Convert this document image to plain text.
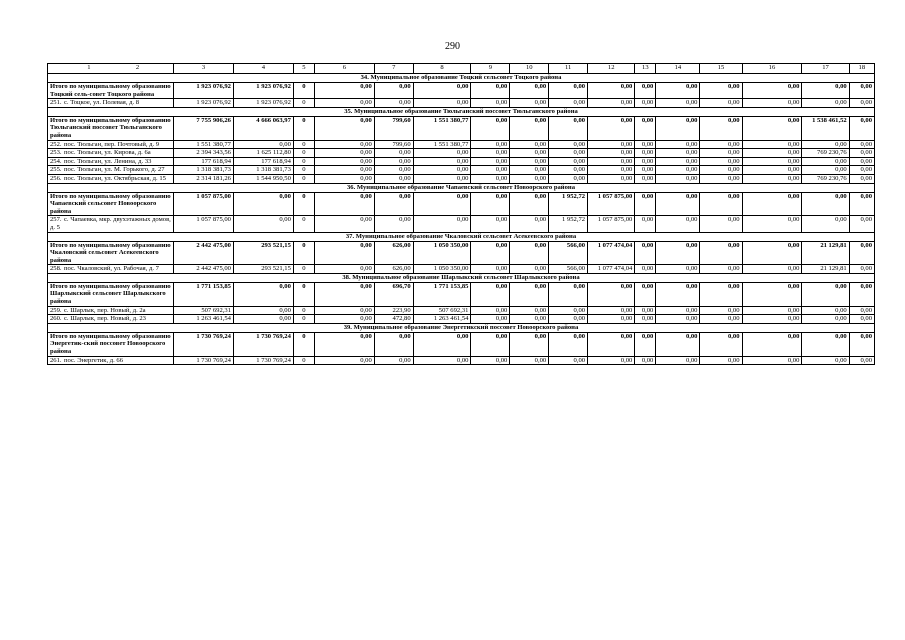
290
1 2	3	4	5	6	7	8	9	10	11	12	13	14	15	16	17	18
34. Муниципальное образование Тоцкий сельсовет Тоцкого района																
Итого по муниципальному образованию Тоцкий сель-совет Тоцкого района	1 923 076,92	1 923 076,92	0	0,00	0,00	0,00	0,00	0,00	0,00	0,00	0,00	0,00	0,00	0,00	0,00	0,00
251. с. Тоцкое, ул. Полевая, д. 8	1 923 076,92	1 923 076,92	0	0,00	0,00	0,00	0,00	0,00	0,00	0,00	0,00	0,00	0,00	0,00	0,00	0,00
35. Муниципальное образование Тюльганский поссовет Тюльганского района																
Итого по муниципальному образованию Тюльганский поссовет Тюльганского района	7 755 906,26	4 666 063,97	0	0,00	799,60	1 551 380,77	0,00	0,00	0,00	0,00	0,00	0,00	0,00	0,00	1 538 461,52	0,00
252. пос. Тюльган, пер. Почтовый, д. 9	1 551 380,77	0,00	0	0,00	799,60	1 551 380,77	0,00	0,00	0,00	0,00	0,00	0,00	0,00	0,00	0,00	0,00
253. пос. Тюльган, ул. Кирова, д. 6а	2 394 343,56	1 625 112,80	0	0,00	0,00	0,00	0,00	0,00	0,00	0,00	0,00	0,00	0,00	0,00	769 230,76	0,00
254. пос. Тюльган, ул. Ленина, д. 33	177 618,94	177 618,94	0	0,00	0,00	0,00	0,00	0,00	0,00	0,00	0,00	0,00	0,00	0,00	0,00	0,00
255. пос. Тюльган, ул. М. Горького, д. 27	1 318 381,73	1 318 381,73	0	0,00	0,00	0,00	0,00	0,00	0,00	0,00	0,00	0,00	0,00	0,00	0,00	0,00
256. пос. Тюльган, ул. Октябрьская, д. 15	2 314 181,26	1 544 950,50	0	0,00	0,00	0,00	0,00	0,00	0,00	0,00	0,00	0,00	0,00	0,00	769 230,76	0,00
36. Муниципальное образование Чапаевский сельсовет Новоорского района																
Итого по муниципальному образованию Чапаевский сельсовет Новоорского района	1 057 875,00	0,00	0	0,00	0,00	0,00	0,00	0,00	1 952,72	1 057 875,00	0,00	0,00	0,00	0,00	0,00	0,00
257. с. Чапаевка, мкр. двухэтажных домов, д. 5	1 057 875,00	0,00	0	0,00	0,00	0,00	0,00	0,00	1 952,72	1 057 875,00	0,00	0,00	0,00	0,00	0,00	0,00
37. Муниципальное образование Чкаловский сельсовет Асекеевского района																
Итого по муниципальному образованию Чкаловский сельсовет Асекеевского района	2 442 475,00	293 521,15	0	0,00	626,00	1 050 350,00	0,00	0,00	566,00	1 077 474,04	0,00	0,00	0,00	0,00	21 129,81	0,00
258. пос. Чкаловский, ул. Рабочая, д. 7	2 442 475,00	293 521,15	0	0,00	626,00	1 050 350,00	0,00	0,00	566,00	1 077 474,04	0,00	0,00	0,00	0,00	21 129,81	0,00
38. Муниципальное образование Шарлыкский сельсовет Шарлыкского района																
Итого по муниципальному образованию Шарлыкский сельсовет Шарлыкского района	1 771 153,85	0,00	0	0,00	696,70	1 771 153,85	0,00	0,00	0,00	0,00	0,00	0,00	0,00	0,00	0,00	0,00
259. с. Шарлык, пер. Новый, д. 2а	507 692,31	0,00	0	0,00	223,90	507 692,31	0,00	0,00	0,00	0,00	0,00	0,00	0,00	0,00	0,00	0,00
260. с. Шарлык, пер. Новый, д. 23	1 263 461,54	0,00	0	0,00	472,80	1 263 461,54	0,00	0,00	0,00	0,00	0,00	0,00	0,00	0,00	0,00	0,00
39. Муниципальное образование Энергетикский поссовет Новоорского района																
Итого по муниципальному образованию Энергетик-ский поссовет Новоорского района	1 730 769,24	1 730 769,24	0	0,00	0,00	0,00	0,00	0,00	0,00	0,00	0,00	0,00	0,00	0,00	0,00	0,00
261. пос. Энергетик, д. 66	1 730 769,24	1 730 769,24	0	0,00	0,00	0,00	0,00	0,00	0,00	0,00	0,00	0,00	0,00	0,00	0,00	0,00
